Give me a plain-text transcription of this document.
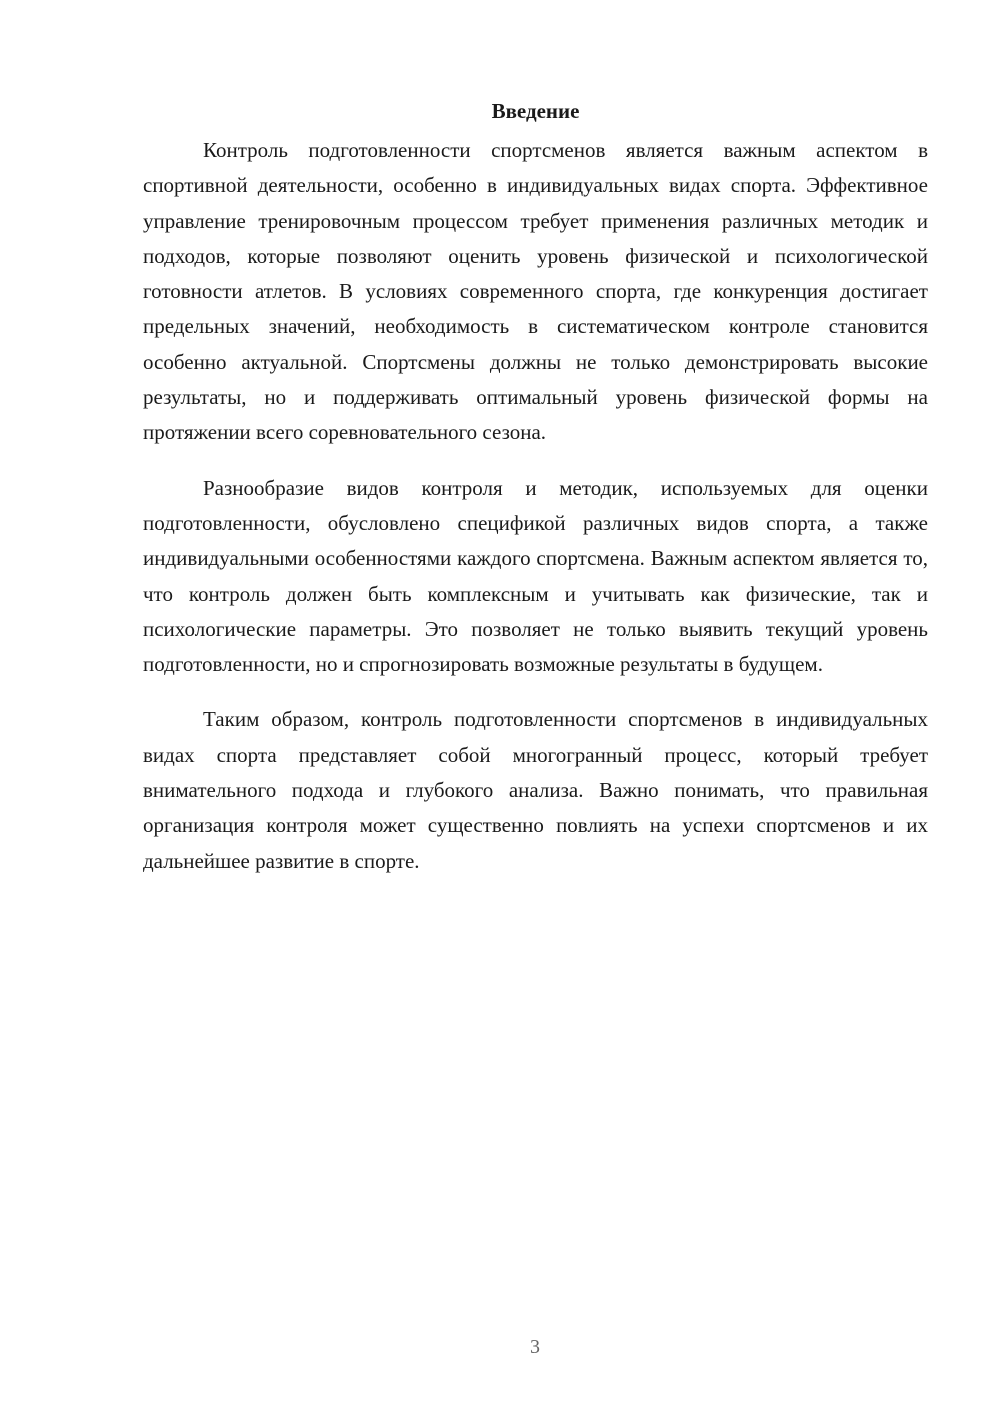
Введение

Контроль подготовленности спортсменов является важным аспектом в спортивной деятельности, особенно в индивидуальных видах спорта. Эффективное управление тренировочным процессом требует применения различных методик и подходов, которые позволяют оценить уровень физической и психологической готовности атлетов. В условиях современного спорта, где конкуренция достигает предельных значений, необходимость в систематическом контроле становится особенно актуальной. Спортсмены должны не только демонстрировать высокие результаты, но и поддерживать оптимальный уровень физической формы на протяжении всего соревновательного сезона.

Разнообразие видов контроля и методик, используемых для оценки подготовленности, обусловлено спецификой различных видов спорта, а также индивидуальными особенностями каждого спортсмена. Важным аспектом является то, что контроль должен быть комплексным и учитывать как физические, так и психологические параметры. Это позволяет не только выявить текущий уровень подготовленности, но и спрогнозировать возможные результаты в будущем.

Таким образом, контроль подготовленности спортсменов в индивидуальных видах спорта представляет собой многогранный процесс, который требует внимательного подхода и глубокого анализа. Важно понимать, что правильная организация контроля может существенно повлиять на успехи спортсменов и их дальнейшее развитие в спорте.

3
